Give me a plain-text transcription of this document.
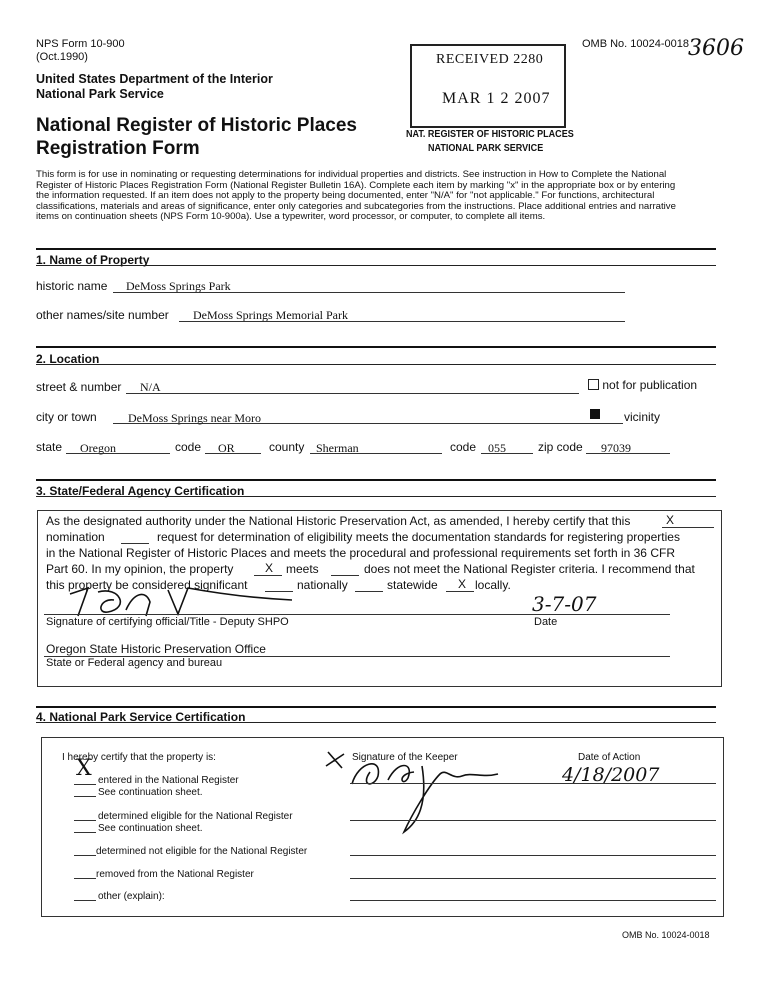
NPS Form 10-900
(Oct.1990)
OMB No. 10024-0018
3606
United States Department of the Interior
National Park Service
National Register of Historic Places
Registration Form
RECEIVED 2280
MAR 1 2 2007
NAT. REGISTER OF HISTORIC PLACES
NATIONAL PARK SERVICE
This form is for use in nominating or requesting determinations for individual properties and districts. See instruction in How to Complete the National
Register of Historic Places Registration Form (National Register Bulletin 16A). Complete each item by marking "x" in the appropriate box or by entering
the information requested. If an item does not apply to the property being documented, enter "N/A" for "not applicable." For functions, architectural
classifications, materials and areas of significance, enter only categories and subcategories from the instructions. Place additional entries and narrative
items on continuation sheets (NPS Form 10-900a). Use a typewriter, word processor, or computer, to complete all items.
1. Name of Property
historic name DeMoss Springs Park
other names/site number DeMoss Springs Memorial Park
2. Location
street & number N/A	not for publication
city or town	DeMoss Springs near Moro	vicinity
state Oregon	code OR	county Sherman	code 055	zip code 97039
3. State/Federal Agency Certification
As the designated authority under the National Historic Preservation Act, as amended, I hereby certify that this	X
nomination	request for determination of eligibility meets the documentation standards for registering properties
in the National Register of Historic Places and meets the procedural and professional requirements set forth in 36 CFR
Part 60. In my opinion, the property	X meets	does not meet the National Register criteria. I recommend that
this property be considered significant	nationally	statewide X locally.
Signature of certifying official/Title - Deputy SHPO
3-7-07
Date
Oregon State Historic Preservation Office
State or Federal agency and bureau
4. National Park Service Certification
I hereby certify that the property is:	Signature of the Keeper	Date of Action
X entered in the National Register
See continuation sheet.
determined eligible for the National Register
See continuation sheet.
determined not eligible for the National Register
removed from the National Register
other (explain):
4/18/2007
OMB No. 10024-0018
